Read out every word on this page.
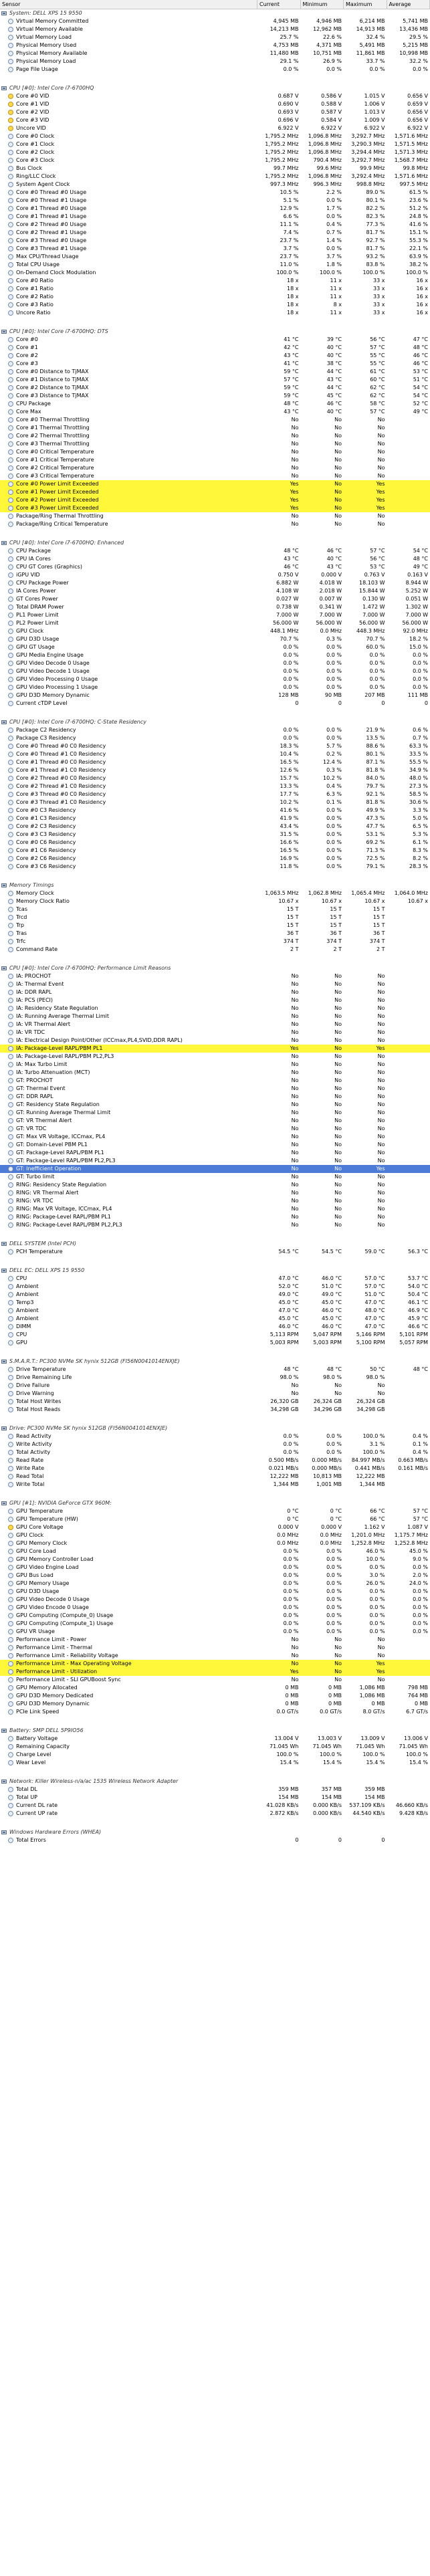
Sensor	Current	Minimum	Maximum	Average
System: DELL XPS 15 9550
Virtual Memory Committed	4,945 MB	4,946 MB	6,214 MB	5,741 MB
Virtual Memory Available	14,213 MB	12,962 MB	14,913 MB	13,436 MB
Virtual Memory Load	25.7 %	22.6 %	32.4 %	29.5 %
Physical Memory Used	4,753 MB	4,371 MB	5,491 MB	5,215 MB
Physical Memory Available	11,480 MB	10,751 MB	11,861 MB	10,998 MB
Physical Memory Load	29.1 %	26.9 %	33.7 %	32.2 %
Page File Usage	0.0 %	0.0 %	0.0 %	0.0 %
CPU [#0]: Intel Core i7-6700HQ
Core #0 VID	0.687 V	0.586 V	1.015 V	0.656 V
Core #1 VID	0.690 V	0.588 V	1.006 V	0.659 V
Core #2 VID	0.693 V	0.587 V	1.013 V	0.656 V
Core #3 VID	0.696 V	0.584 V	1.009 V	0.656 V
Uncore VID	6.922 V	6.922 V	6.922 V	6.922 V
Core #0 Clock	1,795.2 MHz	1,096.8 MHz	3,292.7 MHz	1,571.6 MHz
Core #1 Clock	1,795.2 MHz	1,096.8 MHz	3,290.3 MHz	1,571.5 MHz
Core #2 Clock	1,795.2 MHz	1,096.8 MHz	3,294.4 MHz	1,571.3 MHz
Core #3 Clock	1,795.2 MHz	790.4 MHz	3,292.7 MHz	1,568.7 MHz
Bus Clock	99.7 MHz	99.6 MHz	99.9 MHz	99.8 MHz
Ring/LLC Clock	1,795.2 MHz	1,096.8 MHz	3,292.4 MHz	1,571.6 MHz
System Agent Clock	997.3 MHz	996.3 MHz	998.8 MHz	997.5 MHz
Core #0 Thread #0 Usage	10.5 %	2.2 %	89.0 %	61.5 %
Core #0 Thread #1 Usage	5.1 %	0.0 %	80.1 %	23.6 %
Core #1 Thread #0 Usage	12.9 %	1.7 %	82.2 %	51.2 %
Core #1 Thread #1 Usage	6.6 %	0.0 %	82.3 %	24.8 %
Core #2 Thread #0 Usage	11.1 %	0.4 %	77.3 %	41.6 %
Core #2 Thread #1 Usage	7.4 %	0.7 %	81.7 %	15.1 %
Core #3 Thread #0 Usage	23.7 %	1.4 %	92.7 %	55.3 %
Core #3 Thread #1 Usage	3.7 %	0.0 %	81.7 %	22.1 %
Max CPU/Thread Usage	23.7 %	3.7 %	93.2 %	63.9 %
Total CPU Usage	11.0 %	1.8 %	83.8 %	38.2 %
On-Demand Clock Modulation	100.0 %	100.0 %	100.0 %	100.0 %
Core #0 Ratio	18 x	11 x	33 x	16 x
Core #1 Ratio	18 x	11 x	33 x	16 x
Core #2 Ratio	18 x	11 x	33 x	16 x
Core #3 Ratio	18 x	8 x	33 x	16 x
Uncore Ratio	18 x	11 x	33 x	16 x
CPU [#0]: Intel Core i7-6700HQ: DTS
Core #0	41 °C	39 °C	56 °C	47 °C
Core #1	42 °C	40 °C	57 °C	48 °C
Core #2	43 °C	40 °C	55 °C	46 °C
Core #3	41 °C	38 °C	55 °C	46 °C
Core #0 Distance to TjMAX	59 °C	44 °C	61 °C	53 °C
Core #1 Distance to TjMAX	57 °C	43 °C	60 °C	51 °C
Core #2 Distance to TjMAX	59 °C	44 °C	62 °C	54 °C
Core #3 Distance to TjMAX	59 °C	45 °C	62 °C	54 °C
CPU Package	48 °C	46 °C	58 °C	52 °C
Core Max	43 °C	40 °C	57 °C	49 °C
Core #0 Thermal Throttling	No	No	No
Core #1 Thermal Throttling	No	No	No
Core #2 Thermal Throttling	No	No	No
Core #3 Thermal Throttling	No	No	No
Core #0 Critical Temperature	No	No	No
Core #1 Critical Temperature	No	No	No
Core #2 Critical Temperature	No	No	No
Core #3 Critical Temperature	No	No	No
Core #0 Power Limit Exceeded	Yes	No	Yes
Core #1 Power Limit Exceeded	Yes	No	Yes
Core #2 Power Limit Exceeded	Yes	No	Yes
Core #3 Power Limit Exceeded	Yes	No	Yes
Package/Ring Thermal Throttling	No	No	No
Package/Ring Critical Temperature	No	No	No
CPU [#0]: Intel Core i7-6700HQ: Enhanced
CPU Package	48 °C	46 °C	57 °C	54 °C
CPU IA Cores	43 °C	40 °C	56 °C	48 °C
CPU GT Cores (Graphics)	46 °C	43 °C	53 °C	49 °C
iGPU VID	0.750 V	0.000 V	0.763 V	0.163 V
CPU Package Power	6.882 W	4.018 W	18.103 W	8.944 W
IA Cores Power	4.108 W	2.018 W	15.844 W	5.252 W
GT Cores Power	0.027 W	0.007 W	0.130 W	0.051 W
Total DRAM Power	0.738 W	0.341 W	1.472 W	1.302 W
PL1 Power Limit	7.000 W	7.000 W	7.000 W	7.000 W
PL2 Power Limit	56.000 W	56.000 W	56.000 W	56.000 W
GPU Clock	448.1 MHz	0.0 MHz	448.3 MHz	92.0 MHz
GPU D3D Usage	70.7 %	0.3 %	70.7 %	18.2 %
GPU GT Usage	0.0 %	0.0 %	60.0 %	15.0 %
GPU Media Engine Usage	0.0 %	0.0 %	0.0 %	0.0 %
GPU Video Decode 0 Usage	0.0 %	0.0 %	0.0 %	0.0 %
GPU Video Decode 1 Usage	0.0 %	0.0 %	0.0 %	0.0 %
GPU Video Processing 0 Usage	0.0 %	0.0 %	0.0 %	0.0 %
GPU Video Processing 1 Usage	0.0 %	0.0 %	0.0 %	0.0 %
GPU D3D Memory Dynamic	128 MB	90 MB	207 MB	111 MB
Current cTDP Level	0	0	0	0
CPU [#0]: Intel Core i7-6700HQ: C-State Residency
Package C2 Residency	0.0 %	0.0 %	21.9 %	0.6 %
Package C3 Residency	0.0 %	0.0 %	13.5 %	0.7 %
Core #0 Thread #0 C0 Residency	18.3 %	5.7 %	88.6 %	63.3 %
Core #0 Thread #1 C0 Residency	10.4 %	0.2 %	80.1 %	33.5 %
Core #1 Thread #0 C0 Residency	16.5 %	12.4 %	87.1 %	55.5 %
Core #1 Thread #1 C0 Residency	12.6 %	0.3 %	81.8 %	34.9 %
Core #2 Thread #0 C0 Residency	15.7 %	10.2 %	84.0 %	48.0 %
Core #2 Thread #1 C0 Residency	13.3 %	0.4 %	79.7 %	27.3 %
Core #3 Thread #0 C0 Residency	17.7 %	6.3 %	92.1 %	58.5 %
Core #3 Thread #1 C0 Residency	10.2 %	0.1 %	81.8 %	30.6 %
Core #0 C3 Residency	41.6 %	0.0 %	49.9 %	3.3 %
Core #1 C3 Residency	41.9 %	0.0 %	47.3 %	5.0 %
Core #2 C3 Residency	43.4 %	0.0 %	47.7 %	6.5 %
Core #3 C3 Residency	31.5 %	0.0 %	53.1 %	5.3 %
Core #0 C6 Residency	16.6 %	0.0 %	69.2 %	6.1 %
Core #1 C6 Residency	16.5 %	0.0 %	71.3 %	8.3 %
Core #2 C6 Residency	16.9 %	0.0 %	72.5 %	8.2 %
Core #3 C6 Residency	11.8 %	0.0 %	79.1 %	28.3 %
Memory Timings
Memory Clock	1,063.5 MHz	1,062.8 MHz	1,065.4 MHz	1,064.0 MHz
Memory Clock Ratio	10.67 x	10.67 x	10.67 x	10.67 x
Tcas	15 T	15 T	15 T
Trcd	15 T	15 T	15 T
Trp	15 T	15 T	15 T
Tras	36 T	36 T	36 T
Trfc	374 T	374 T	374 T
Command Rate	2 T	2 T	2 T
CPU [#0]: Intel Core i7-6700HQ: Performance Limit Reasons
IA: PROCHOT	No	No	No
IA: Thermal Event	No	No	No
IA: DDR RAPL	No	No	No
IA: PCS (PECI)	No	No	No
IA: Residency State Regulation	No	No	No
IA: Running Average Thermal Limit	No	No	No
IA: VR Thermal Alert	No	No	No
IA: VR TDC	No	No	No
IA: Electrical Design Point/Other (ICCmax,PL4,SVID,DDR RAPL)	No	No	No
IA: Package-Level RAPL/PBM PL1	Yes	No	Yes
IA: Package-Level RAPL/PBM PL2,PL3	No	No	No
IA: Max Turbo Limit	No	No	No
IA: Turbo Attenuation (MCT)	No	No	No
GT: PROCHOT	No	No	No
GT: Thermal Event	No	No	No
GT: DDR RAPL	No	No	No
GT: Residency State Regulation	No	No	No
GT: Running Average Thermal Limit	No	No	No
GT: VR Thermal Alert	No	No	No
GT: VR TDC	No	No	No
GT: Max VR Voltage, ICCmax, PL4	No	No	No
GT: Domain-Level PBM PL1	No	No	No
GT: Package-Level RAPL/PBM PL1	No	No	No
GT: Package-Level RAPL/PBM PL2,PL3	No	No	No
GT: Inefficient Operation	No	No	Yes
GT: Turbo limit	No	No	No
RING: Residency State Regulation	No	No	No
RING: VR Thermal Alert	No	No	No
RING: VR TDC	No	No	No
RING: Max VR Voltage, ICCmax, PL4	No	No	No
RING: Package-Level RAPL/PBM PL1	No	No	No
RING: Package-Level RAPL/PBM PL2,PL3	No	No	No
DELL SYSTEM (Intel PCH)
PCH Temperature	54.5 °C	54.5 °C	59.0 °C	56.3 °C
DELL EC: DELL XPS 15 9550
CPU	47.0 °C	46.0 °C	57.0 °C	53.7 °C
Ambient	52.0 °C	51.0 °C	57.0 °C	54.0 °C
Ambient	49.0 °C	49.0 °C	51.0 °C	50.4 °C
Temp3	45.0 °C	45.0 °C	47.0 °C	46.1 °C
Ambient	47.0 °C	46.0 °C	48.0 °C	46.9 °C
Ambient	45.0 °C	45.0 °C	47.0 °C	45.9 °C
DIMM	46.0 °C	46.0 °C	47.0 °C	46.6 °C
CPU	5,113 RPM	5,047 RPM	5,146 RPM	5,101 RPM
GPU	5,003 RPM	5,003 RPM	5,100 RPM	5,057 RPM
S.M.A.R.T.: PC300 NVMe SK hynix 512GB (FI56N0041014ENXJE)
Drive Temperature	48 °C	48 °C	50 °C	48 °C
Drive Remaining Life	98.0 %	98.0 %	98.0 %
Drive Failure	No	No	No
Drive Warning	No	No	No
Total Host Writes	26,320 GB	26,324 GB	26,324 GB
Total Host Reads	34,298 GB	34,296 GB	34,298 GB
Drive: PC300 NVMe SK hynix 512GB (FI56N0041014ENXJE)
Read Activity	0.0 %	0.0 %	100.0 %	0.4 %
Write Activity	0.0 %	0.0 %	3.1 %	0.1 %
Total Activity	0.0 %	0.0 %	100.0 %	0.4 %
Read Rate	0.500 MB/s	0.000 MB/s	84.997 MB/s	0.663 MB/s
Write Rate	0.021 MB/s	0.000 MB/s	0.441 MB/s	0.161 MB/s
Read Total	12,222 MB	10,813 MB	12,222 MB
Write Total	1,344 MB	1,001 MB	1,344 MB
GPU [#1]: NVIDIA GeForce GTX 960M:
GPU Temperature	0 °C	0 °C	66 °C	57 °C
GPU Temperature (HW)	0 °C	0 °C	66 °C	57 °C
GPU Core Voltage	0.000 V	0.000 V	1.162 V	1.087 V
GPU Clock	0.0 MHz	0.0 MHz	1,201.0 MHz	1,175.7 MHz
GPU Memory Clock	0.0 MHz	0.0 MHz	1,252.8 MHz	1,252.8 MHz
GPU Core Load	0.0 %	0.0 %	46.0 %	45.0 %
GPU Memory Controller Load	0.0 %	0.0 %	10.0 %	9.0 %
GPU Video Engine Load	0.0 %	0.0 %	0.0 %	0.0 %
GPU Bus Load	0.0 %	0.0 %	3.0 %	2.0 %
GPU Memory Usage	0.0 %	0.0 %	26.0 %	24.0 %
GPU D3D Usage	0.0 %	0.0 %	0.0 %	0.0 %
GPU Video Decode 0 Usage	0.0 %	0.0 %	0.0 %	0.0 %
GPU Video Encode 0 Usage	0.0 %	0.0 %	0.0 %	0.0 %
GPU Computing (Compute_0) Usage	0.0 %	0.0 %	0.0 %	0.0 %
GPU Computing (Compute_1) Usage	0.0 %	0.0 %	0.0 %	0.0 %
GPU VR Usage	0.0 %	0.0 %	0.0 %	0.0 %
Performance Limit - Power	No	No	No
Performance Limit - Thermal	No	No	No
Performance Limit - Reliability Voltage	No	No	No
Performance Limit - Max Operating Voltage	No	No	Yes
Performance Limit - Utilization	Yes	No	Yes
Performance Limit - SLI GPUBoost Sync	No	No	No
GPU Memory Allocated	0 MB	0 MB	1,086 MB	798 MB
GPU D3D Memory Dedicated	0 MB	0 MB	1,086 MB	764 MB
GPU D3D Memory Dynamic	0 MB	0 MB	0 MB	0 MB
PCIe Link Speed	0.0 GT/s	0.0 GT/s	8.0 GT/s	6.7 GT/s
Battery: SMP DELL 5P9IO56
Battery Voltage	13.004 V	13.003 V	13.009 V	13.006 V
Remaining Capacity	71.045 Wh	71.045 Wh	71.045 Wh	71.045 Wh
Charge Level	100.0 %	100.0 %	100.0 %	100.0 %
Wear Level	15.4 %	15.4 %	15.4 %	15.4 %
Network: Killer Wireless-n/a/ac 1535 Wireless Network Adapter
Total DL	359 MB	357 MB	359 MB
Total UP	154 MB	154 MB	154 MB
Current DL rate	41.028 KB/s	0.000 KB/s	537.109 KB/s	46.660 KB/s
Current UP rate	2.872 KB/s	0.000 KB/s	44.540 KB/s	9.428 KB/s
Windows Hardware Errors (WHEA)
Total Errors	0	0	0
